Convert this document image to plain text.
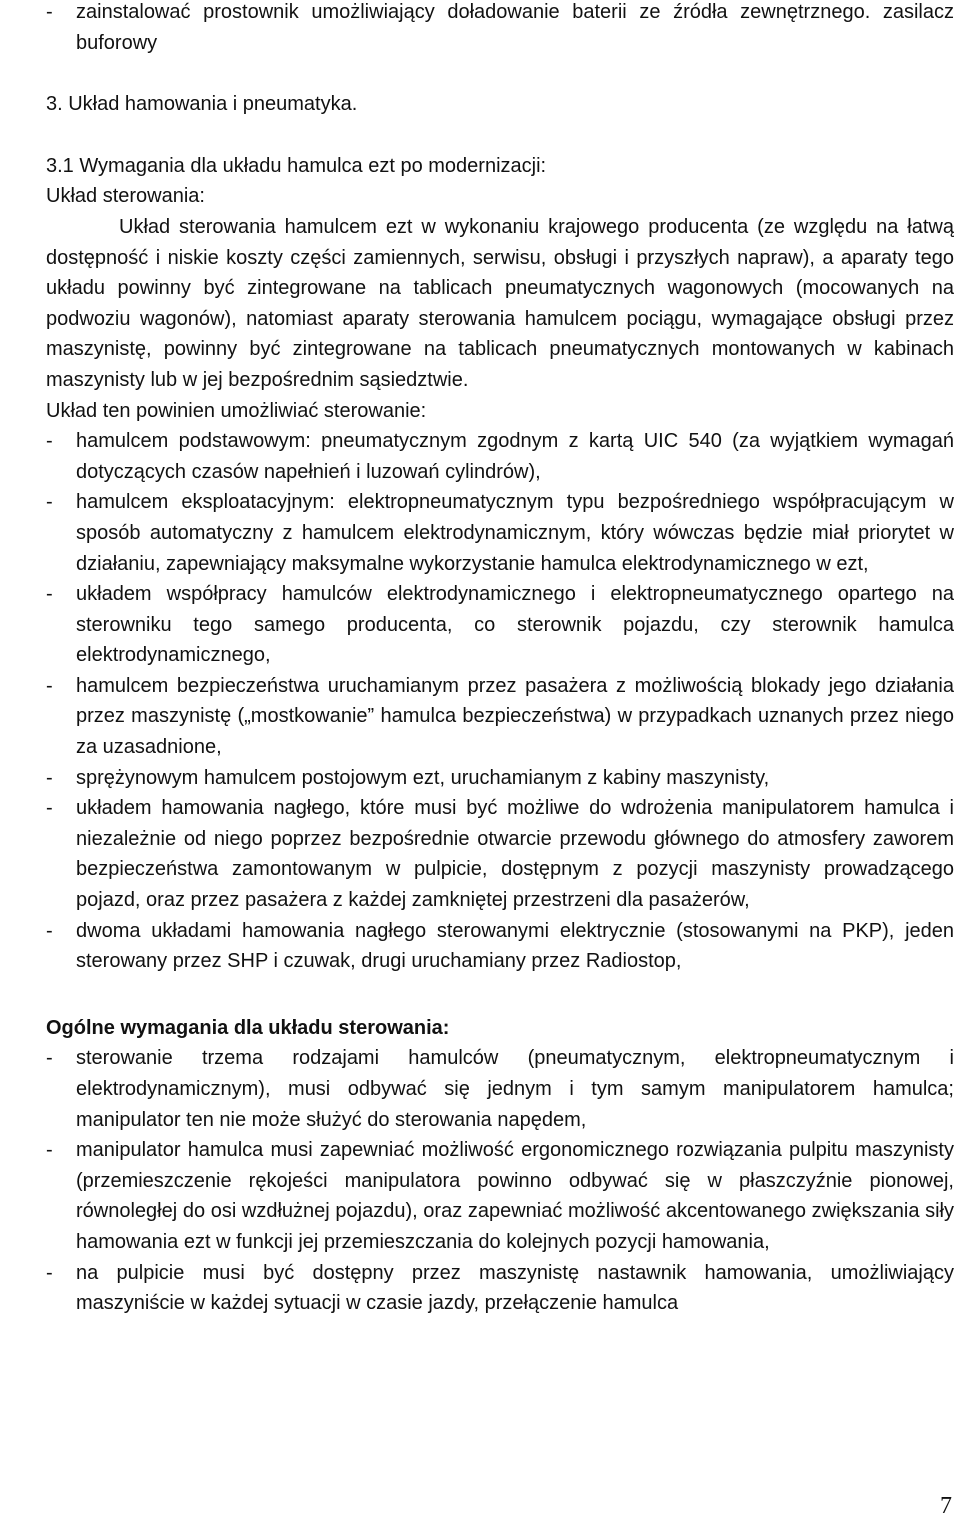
-	zainstalować prostownik umożliwiający doładowanie baterii ze źródła zewnętrznego. zasilacz buforowy
3. Układ hamowania i pneumatyka.
3.1 Wymagania dla układu hamulca ezt po modernizacji:
Układ sterowania:
Układ sterowania hamulcem ezt w wykonaniu krajowego producenta (ze względu na łatwą dostępność i niskie koszty części zamiennych, serwisu, obsługi i przyszłych napraw), a aparaty tego układu powinny być zintegrowane na tablicach pneumatycznych wagonowych (mocowanych na podwoziu wagonów), natomiast aparaty sterowania hamulcem pociągu, wymagające obsługi przez maszynistę, powinny być zintegrowane na tablicach pneumatycznych montowanych w kabinach maszynisty lub w jej bezpośrednim sąsiedztwie.
Układ ten powinien umożliwiać sterowanie:
-	hamulcem podstawowym: pneumatycznym zgodnym z kartą UIC 540 (za wyjątkiem wymagań dotyczących czasów napełnień i luzowań cylindrów),
-	hamulcem eksploatacyjnym: elektropneumatycznym typu bezpośredniego współpracującym w sposób automatyczny z hamulcem elektrodynamicznym, który wówczas będzie miał priorytet w działaniu, zapewniający maksymalne wykorzystanie hamulca elektrodynamicznego w ezt,
-	układem współpracy hamulców elektrodynamicznego i elektropneumatycznego opartego na sterowniku tego samego producenta, co sterownik pojazdu, czy sterownik hamulca elektrodynamicznego,
-	hamulcem bezpieczeństwa uruchamianym przez pasażera z możliwością blokady jego działania przez maszynistę („mostkowanie” hamulca bezpieczeństwa) w przypadkach uznanych przez niego za uzasadnione,
-	sprężynowym hamulcem postojowym ezt, uruchamianym z kabiny maszynisty,
-	układem hamowania nagłego, które musi być możliwe do wdrożenia manipulatorem hamulca i niezależnie od niego poprzez bezpośrednie otwarcie przewodu głównego do atmosfery zaworem bezpieczeństwa zamontowanym w pulpicie, dostępnym z pozycji maszynisty prowadzącego pojazd, oraz przez pasażera z każdej zamkniętej przestrzeni dla pasażerów,
-	dwoma układami hamowania nagłego sterowanymi elektrycznie (stosowanymi na PKP), jeden sterowany przez SHP i czuwak, drugi uruchamiany przez Radiostop,
Ogólne wymagania dla układu sterowania:
-	sterowanie trzema rodzajami hamulców (pneumatycznym, elektropneumatycznym i elektrodynamicznym), musi odbywać się jednym i tym samym manipulatorem hamulca; manipulator ten nie może służyć do sterowania napędem,
-	manipulator hamulca musi zapewniać możliwość ergonomicznego rozwiązania pulpitu maszynisty (przemieszczenie rękojeści manipulatora powinno odbywać się w płaszczyźnie pionowej, równoległej do osi wzdłużnej pojazdu), oraz zapewniać możliwość akcentowanego zwiększania siły hamowania ezt w funkcji jej przemieszczania do kolejnych pozycji hamowania,
-	na pulpicie musi być dostępny przez maszynistę nastawnik hamowania, umożliwiający maszyniście w każdej sytuacji w czasie jazdy, przełączenie hamulca
7
